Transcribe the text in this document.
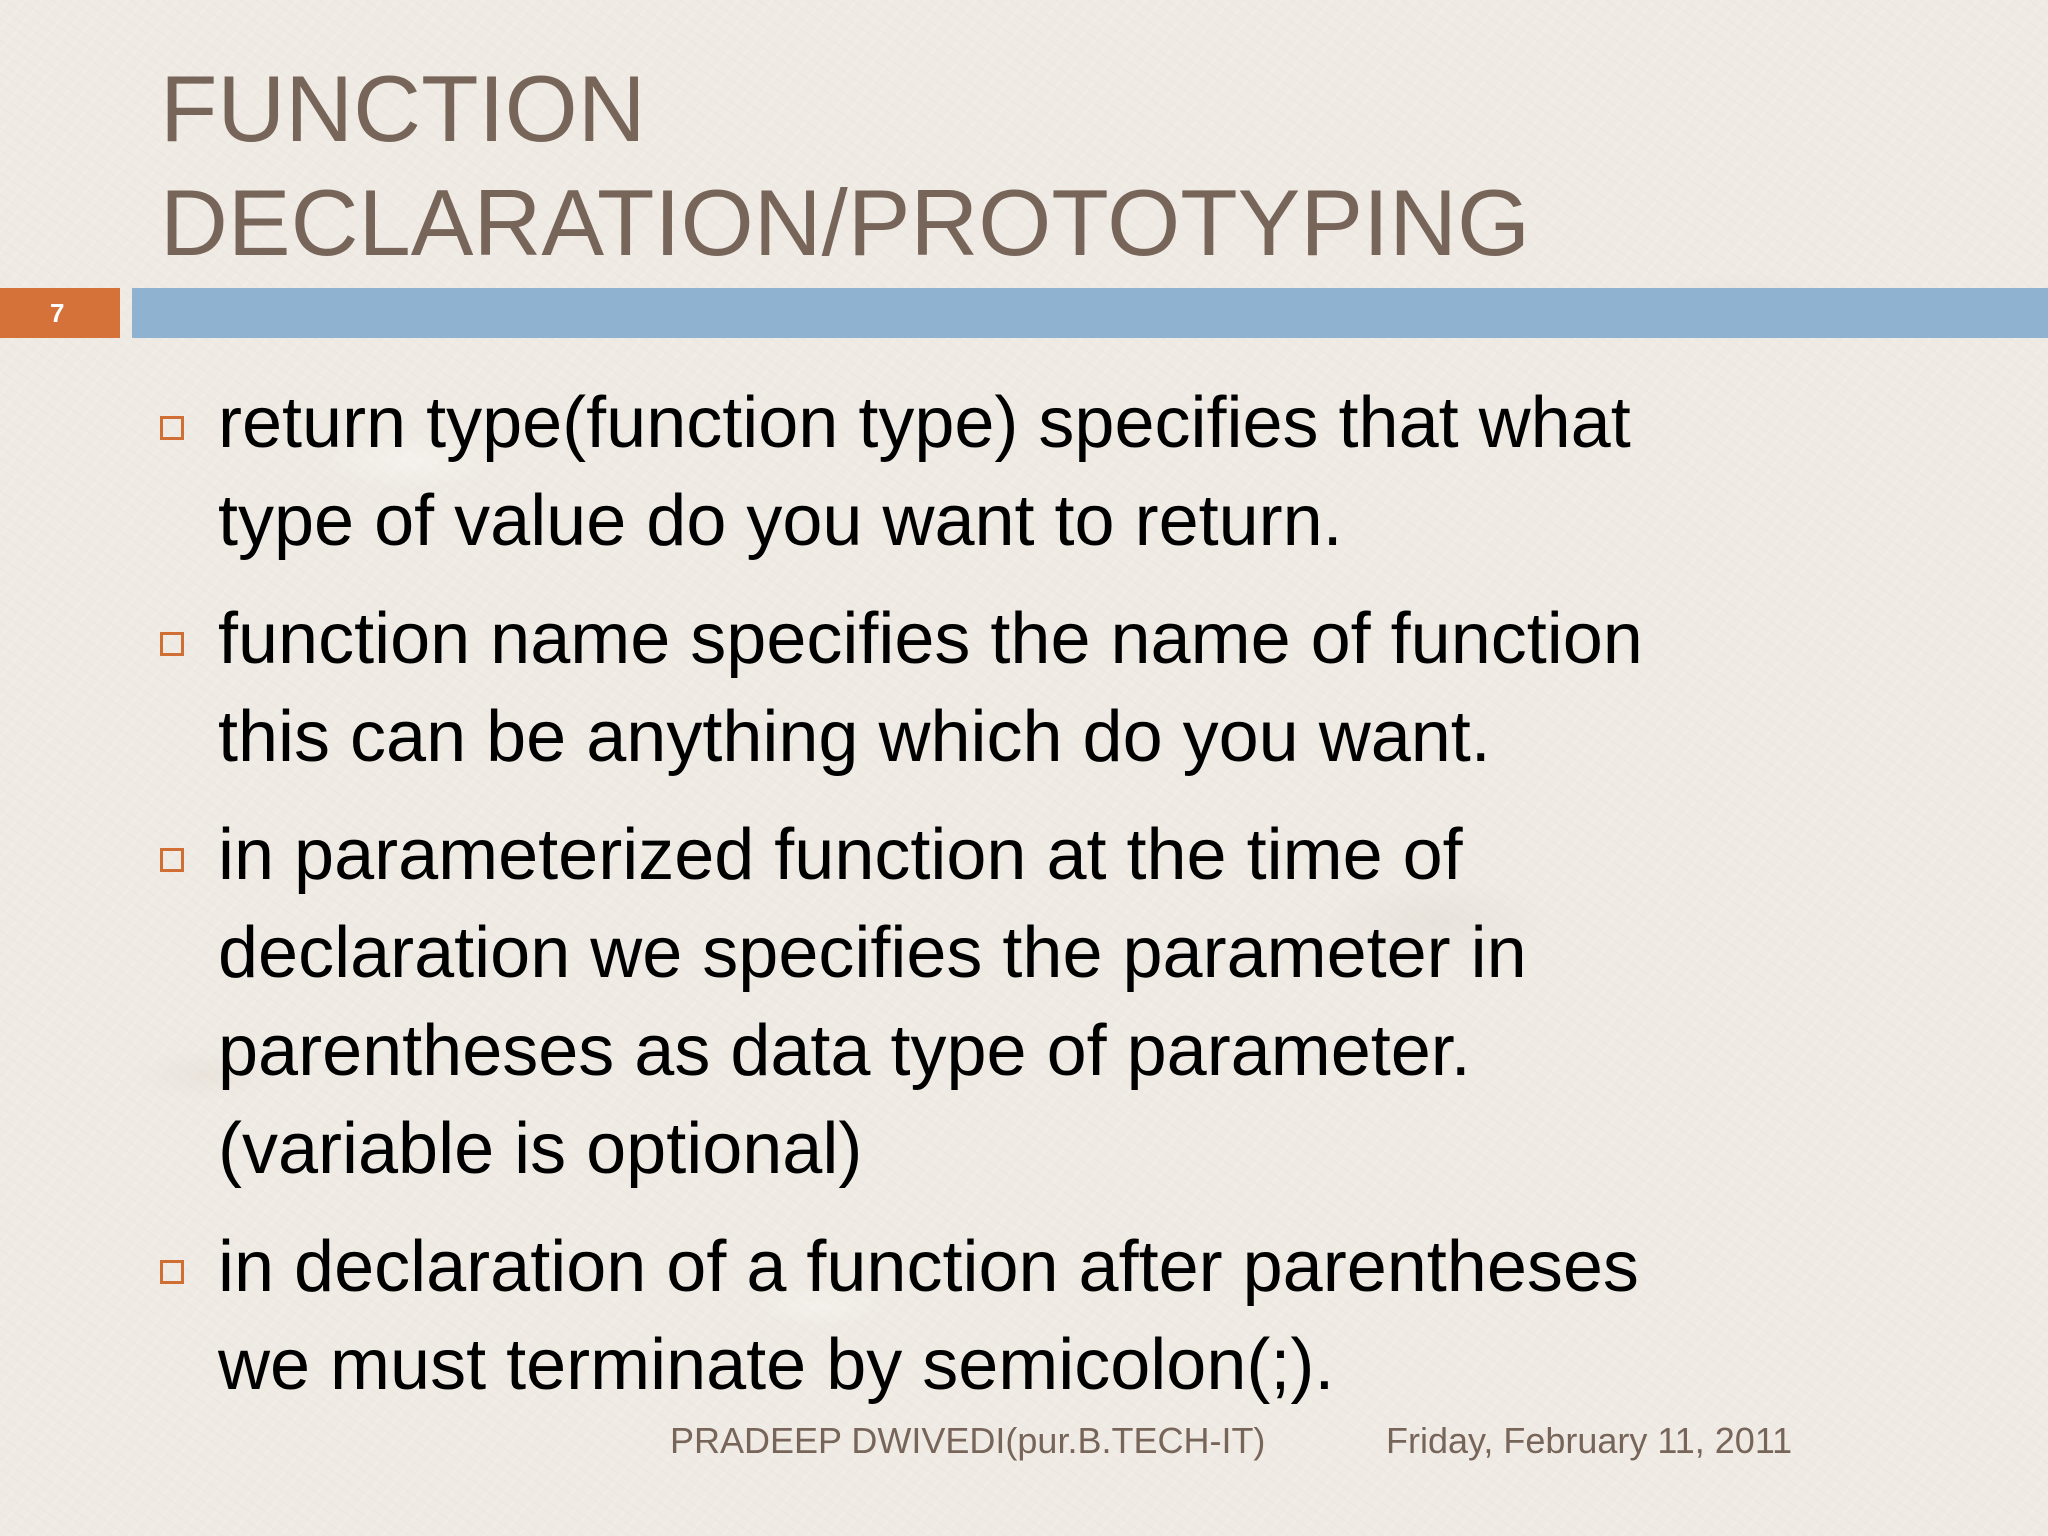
FUNCTION
DECLARATION/PROTOTYPING
7
return type(function type) specifies that what
type of value do you want to return.
function name specifies the name of function
this can be anything which do you want.
in parameterized function at the time of
declaration we specifies the parameter in
parentheses as data type of parameter.
(variable is optional)
in declaration of a function after parentheses
we must terminate by semicolon(;).
PRADEEP DWIVEDI(pur.B.TECH-IT)	Friday, February 11, 2011
